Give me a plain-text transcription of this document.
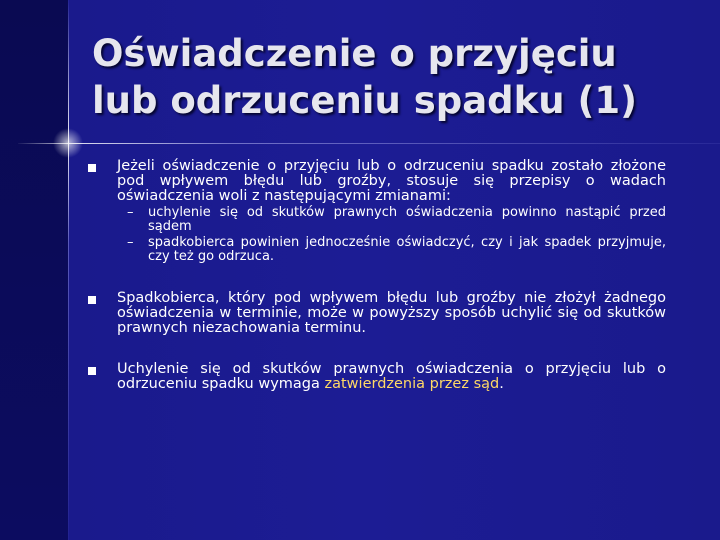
Oświadczenie o przyjęciu
lub odrzuceniu spadku (1)
Jeżeli oświadczenie o przyjęciu lub o odrzuceniu spadku zostało złożone pod wpływem błędu lub groźby, stosuje się przepisy o wadach oświadczenia woli z następującymi zmianami:
– uchylenie się od skutków prawnych oświadczenia powinno nastąpić przed sądem
– spadkobierca powinien jednocześnie oświadczyć, czy i jak spadek przyjmuje, czy też go odrzuca.
Spadkobierca, który pod wpływem błędu lub groźby nie złożył żadnego oświadczenia w terminie, może w powyższy sposób uchylić się od skutków prawnych niezachowania terminu.
Uchylenie się od skutków prawnych oświadczenia o przyjęciu lub o odrzuceniu spadku wymaga zatwierdzenia przez sąd.
